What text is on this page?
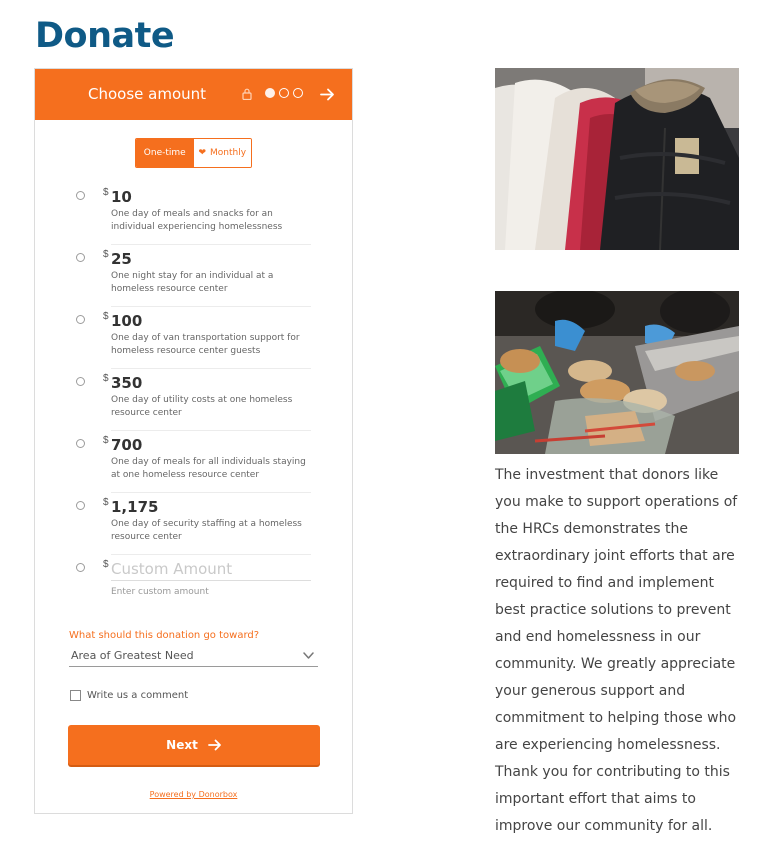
Donate
Choose amount
One-time ❤ Monthly
$ 10
One day of meals and snacks for an individual experiencing homelessness
$ 25
One night stay for an individual at a homeless resource center
$ 100
One day of van transportation support for homeless resource center guests
$ 350
One day of utility costs at one homeless resource center
$ 700
One day of meals for all individuals staying at one homeless resource center
$ 1,175
One day of security staffing at a homeless resource center
$ Custom Amount
Enter custom amount
What should this donation go toward?
Area of Greatest Need
Write us a comment
Next
Powered by Donorbox

The investment that donors like you make to support operations of the HRCs demonstrates the extraordinary joint efforts that are required to find and implement best practice solutions to prevent and end homelessness in our community. We greatly appreciate your generous support and commitment to helping those who are experiencing homelessness. Thank you for contributing to this important effort that aims to improve our community for all.
